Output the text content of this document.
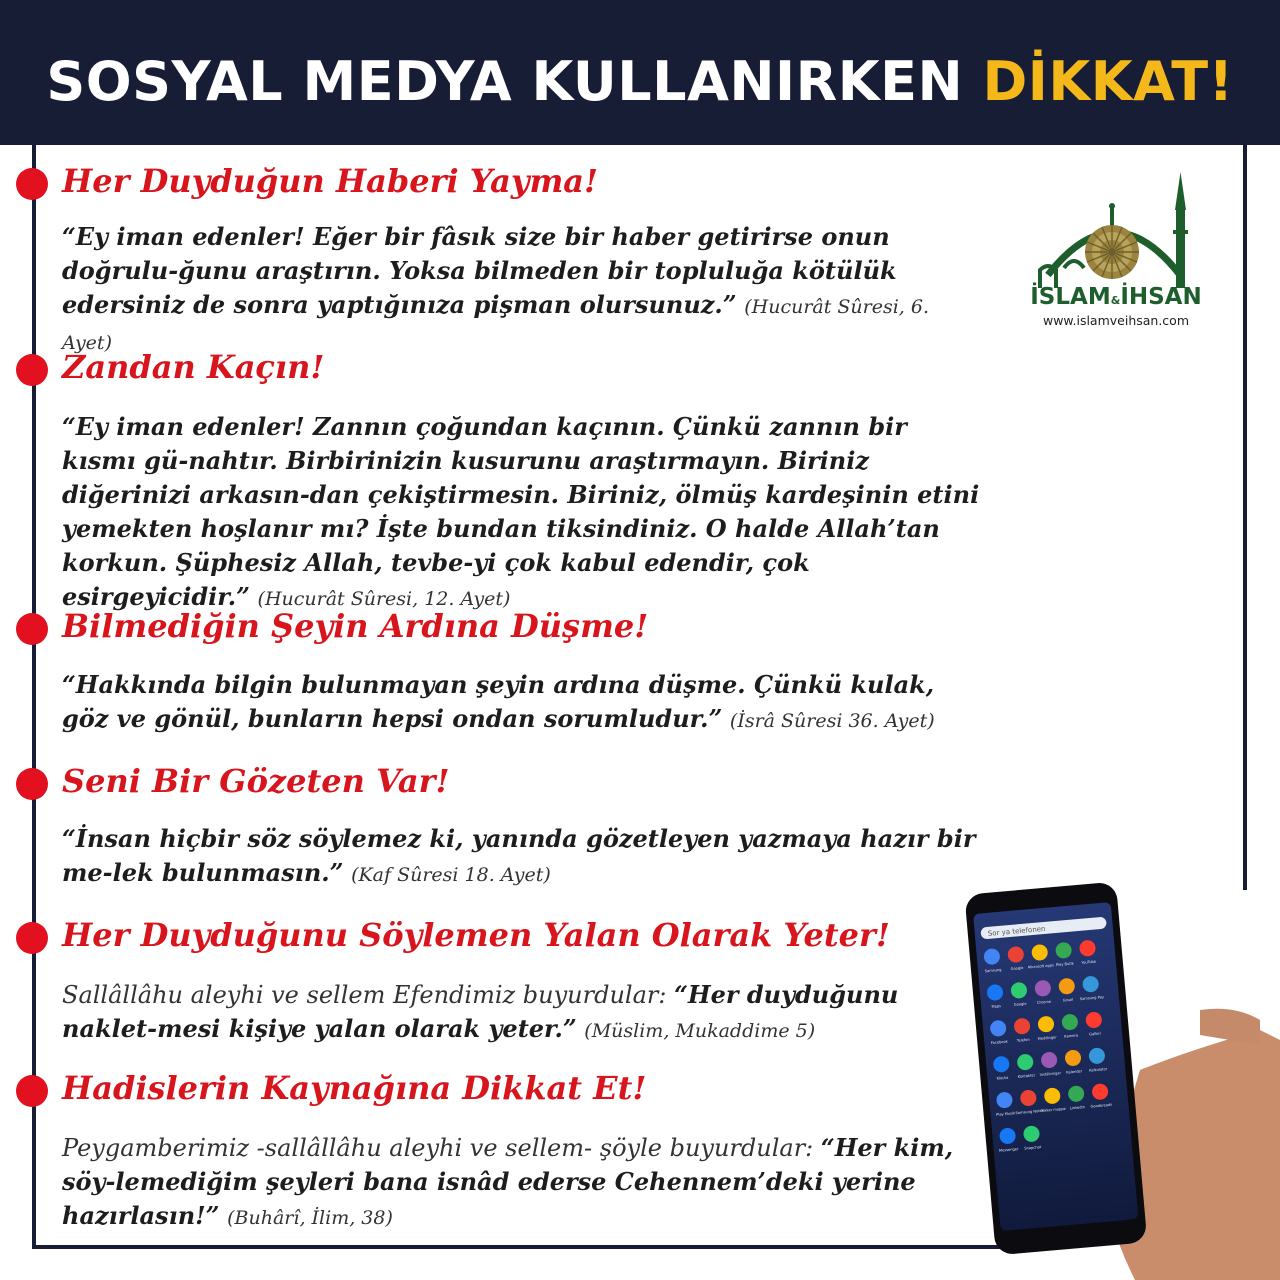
SOSYAL MEDYA KULLANIRKEN DİKKAT!
Her Duyduğun Haberi Yayma!
“Ey iman edenler! Eğer bir fâsık size bir haber getirirse onun doğrulu-ğunu araştırın. Yoksa bilmeden bir topluluğa kötülük edersiniz de sonra yaptığınıza pişman olursunuz.” (Hucurât Sûresi, 6. Ayet)
Zandan Kaçın!
“Ey iman edenler! Zannın çoğundan kaçının. Çünkü zannın bir kısmı gü-nahtır. Birbirinizin kusurunu araştırmayın. Biriniz diğerinizi arkasın-dan çekiştirmesin. Biriniz, ölmüş kardeşinin etini yemekten hoşlanır mı? İşte bundan tiksindiniz. O halde Allah’tan korkun. Şüphesiz Allah, tevbe-yi çok kabul edendir, çok esirgeyicidir.” (Hucurât Sûresi, 12. Ayet)
Bilmediğin Şeyin Ardına Düşme!
“Hakkında bilgin bulunmayan şeyin ardına düşme. Çünkü kulak, göz ve gönül, bunların hepsi ondan sorumludur.” (İsrâ Sûresi 36. Ayet)
Seni Bir Gözeten Var!
“İnsan hiçbir söz söylemez ki, yanında gözetleyen yazmaya hazır bir me-lek bulunmasın.” (Kaf Sûresi 18. Ayet)
Her Duyduğunu Söylemen Yalan Olarak Yeter!
Sallâllâhu aleyhi ve sellem Efendimiz buyurdular: “Her duyduğunu naklet-mesi kişiye yalan olarak yeter.” (Müslim, Mukaddime 5)
Hadislerin Kaynağına Dikkat Et!
Peygamberimiz -sallâllâhu aleyhi ve sellem- şöyle buyurdular: “Her kim, söy-lemediğim şeyleri bana isnâd ederse Cehennem’deki yerine hazırlasın!” (Buhârî, İlim, 38)
İSLAM&İHSAN
www.islamveihsan.com
Sor ya telefonen
Samsung Google Microsoft apps Play Butik YouTube
Maps	Google	Chrome	Gmail Samsung Pay
Facebook Telefon Meddinger Kamera	Galleri
Klocka	Kontakter Instälningar Kalender Kalkulator
Play Musik Samsung Notes
Sikker mappe LinkedIn Goodereads
Messenger Snapchat
